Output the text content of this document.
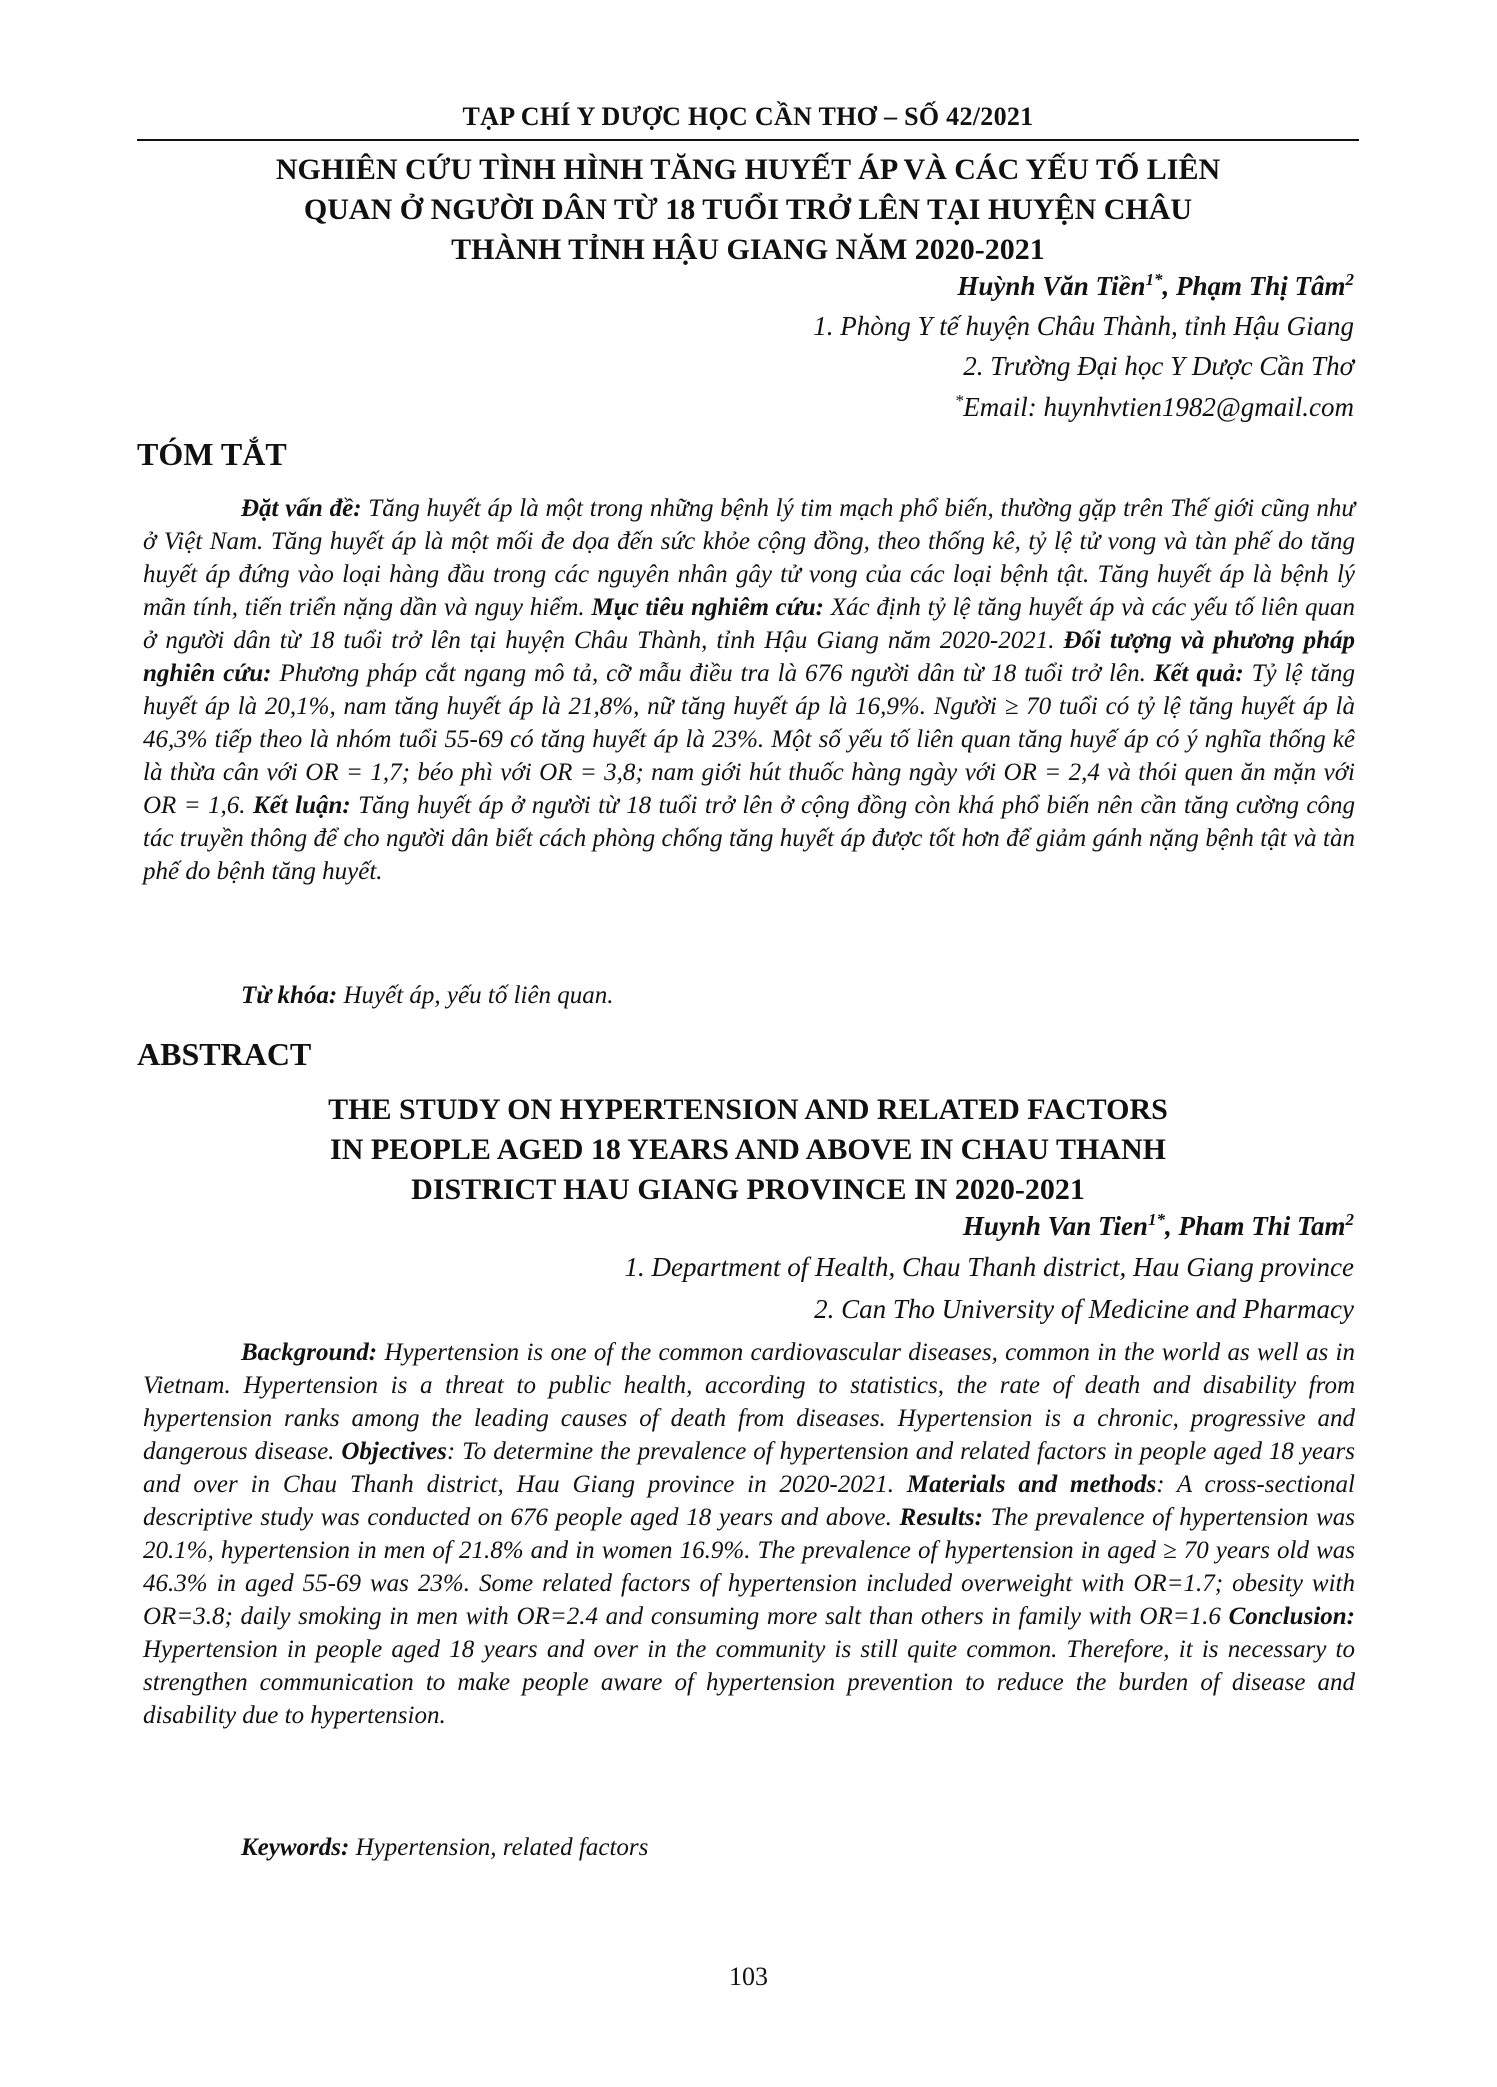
TẠP CHÍ Y DƯỢC HỌC CẦN THƠ – SỐ 42/2021
NGHIÊN CỨU TÌNH HÌNH TĂNG HUYẾT ÁP VÀ CÁC YẾU TỐ LIÊN
QUAN Ở NGƯỜI DÂN TỪ 18 TUỔI TRỞ LÊN TẠI HUYỆN CHÂU
THÀNH TỈNH HẬU GIANG NĂM 2020-2021
Huỳnh Văn Tiền$^{1*}$, Phạm Thị Tâm$^2$
1. Phòng Y tế huyện Châu Thành, tỉnh Hậu Giang
2. Trường Đại học Y Dược Cần Thơ
*Email: huynhvtien1982@gmail.com
TÓM TẮT
Đặt vấn đề: Tăng huyết áp là một trong những bệnh lý tim mạch phổ biến, thường gặp trên Thế giới cũng như ở Việt Nam. Tăng huyết áp là một mối đe dọa đến sức khỏe cộng đồng, theo thống kê, tỷ lệ tử vong và tàn phế do tăng huyết áp đứng vào loại hàng đầu trong các nguyên nhân gây tử vong của các loại bệnh tật. Tăng huyết áp là bệnh lý mãn tính, tiến triển nặng dần và nguy hiểm. Mục tiêu nghiêm cứu: Xác định tỷ lệ tăng huyết áp và các yếu tố liên quan ở người dân từ 18 tuổi trở lên tại huyện Châu Thành, tỉnh Hậu Giang năm 2020-2021. Đối tượng và phương pháp nghiên cứu: Phương pháp cắt ngang mô tả, cỡ mẫu điều tra là 676 người dân từ 18 tuổi trở lên. Kết quả: Tỷ lệ tăng huyết áp là 20,1%, nam tăng huyết áp là 21,8%, nữ tăng huyết áp là 16,9%. Người ≥ 70 tuổi có tỷ lệ tăng huyết áp là 46,3% tiếp theo là nhóm tuổi 55-69 có tăng huyết áp là 23%. Một số yếu tố liên quan tăng huyế áp có ý nghĩa thống kê là thừa cân với OR = 1,7; béo phì với OR = 3,8; nam giới hút thuốc hàng ngày với OR = 2,4 và thói quen ăn mặn với OR = 1,6. Kết luận: Tăng huyết áp ở người từ 18 tuổi trở lên ở cộng đồng còn khá phổ biến nên cần tăng cường công tác truyền thông để cho người dân biết cách phòng chống tăng huyết áp được tốt hơn để giảm gánh nặng bệnh tật và tàn phế do bệnh tăng huyết.
Từ khóa: Huyết áp, yếu tố liên quan.
ABSTRACT
THE STUDY ON HYPERTENSION AND RELATED FACTORS
IN PEOPLE AGED 18 YEARS AND ABOVE IN CHAU THANH
DISTRICT HAU GIANG PROVINCE IN 2020-2021
Huynh Van Tien$^{1*}$, Pham Thi Tam$^2$
1. Department of Health, Chau Thanh district, Hau Giang province
2. Can Tho University of Medicine and Pharmacy
Background: Hypertension is one of the common cardiovascular diseases, common in the world as well as in Vietnam. Hypertension is a threat to public health, according to statistics, the rate of death and disability from hypertension ranks among the leading causes of death from diseases. Hypertension is a chronic, progressive and dangerous disease. Objectives: To determine the prevalence of hypertension and related factors in people aged 18 years and over in Chau Thanh district, Hau Giang province in 2020-2021. Materials and methods: A cross-sectional descriptive study was conducted on 676 people aged 18 years and above. Results: The prevalence of hypertension was 20.1%, hypertension in men of 21.8% and in women 16.9%. The prevalence of hypertension in aged ≥ 70 years old was 46.3% in aged 55-69 was 23%. Some related factors of hypertension included overweight with OR=1.7; obesity with OR=3.8; daily smoking in men with OR=2.4 and consuming more salt than others in family with OR=1.6 Conclusion: Hypertension in people aged 18 years and over in the community is still quite common. Therefore, it is necessary to strengthen communication to make people aware of hypertension prevention to reduce the burden of disease and disability due to hypertension.
Keywords: Hypertension, related factors
103
